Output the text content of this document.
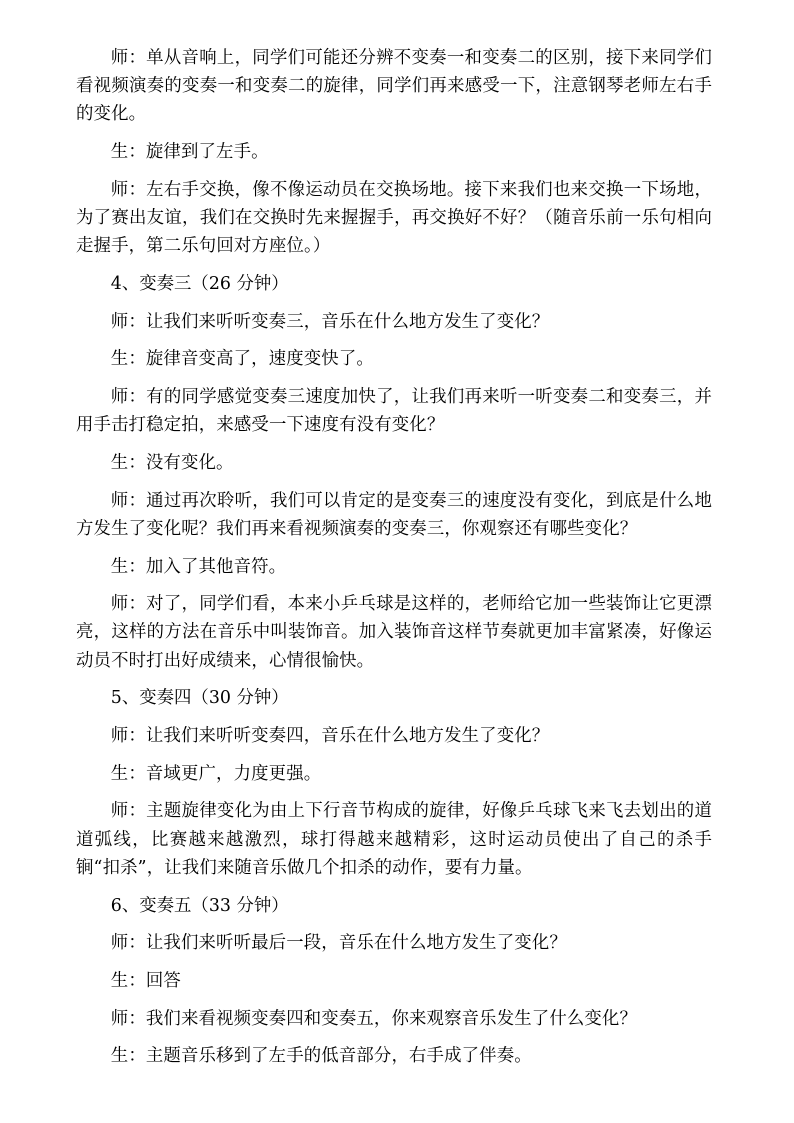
师：单从音响上，同学们可能还分辨不变奏一和变奏二的区别，接下来同学们看视频演奏的变奏一和变奏二的旋律，同学们再来感受一下，注意钢琴老师左右手的变化。

生：旋律到了左手。

师：左右手交换，像不像运动员在交换场地。接下来我们也来交换一下场地，为了赛出友谊，我们在交换时先来握握手，再交换好不好？（随音乐前一乐句相向走握手，第二乐句回对方座位。）

4、变奏三（26 分钟）

师：让我们来听听变奏三，音乐在什么地方发生了变化？

生：旋律音变高了，速度变快了。

师：有的同学感觉变奏三速度加快了，让我们再来听一听变奏二和变奏三，并用手击打稳定拍，来感受一下速度有没有变化？

生：没有变化。

师：通过再次聆听，我们可以肯定的是变奏三的速度没有变化，到底是什么地方发生了变化呢？我们再来看视频演奏的变奏三，你观察还有哪些变化？

生：加入了其他音符。

师：对了，同学们看，本来小乒乓球是这样的，老师给它加一些装饰让它更漂亮，这样的方法在音乐中叫装饰音。加入装饰音这样节奏就更加丰富紧凑，好像运动员不时打出好成绩来，心情很愉快。

5、变奏四（30 分钟）

师：让我们来听听变奏四，音乐在什么地方发生了变化？

生：音域更广，力度更强。

师：主题旋律变化为由上下行音节构成的旋律，好像乒乓球飞来飞去划出的道道弧线，比赛越来越激烈，球打得越来越精彩，这时运动员使出了自己的杀手锏“扣杀”，让我们来随音乐做几个扣杀的动作，要有力量。

6、变奏五（33 分钟）

师：让我们来听听最后一段，音乐在什么地方发生了变化？

生：回答

师：我们来看视频变奏四和变奏五，你来观察音乐发生了什么变化？

生：主题音乐移到了左手的低音部分，右手成了伴奏。
